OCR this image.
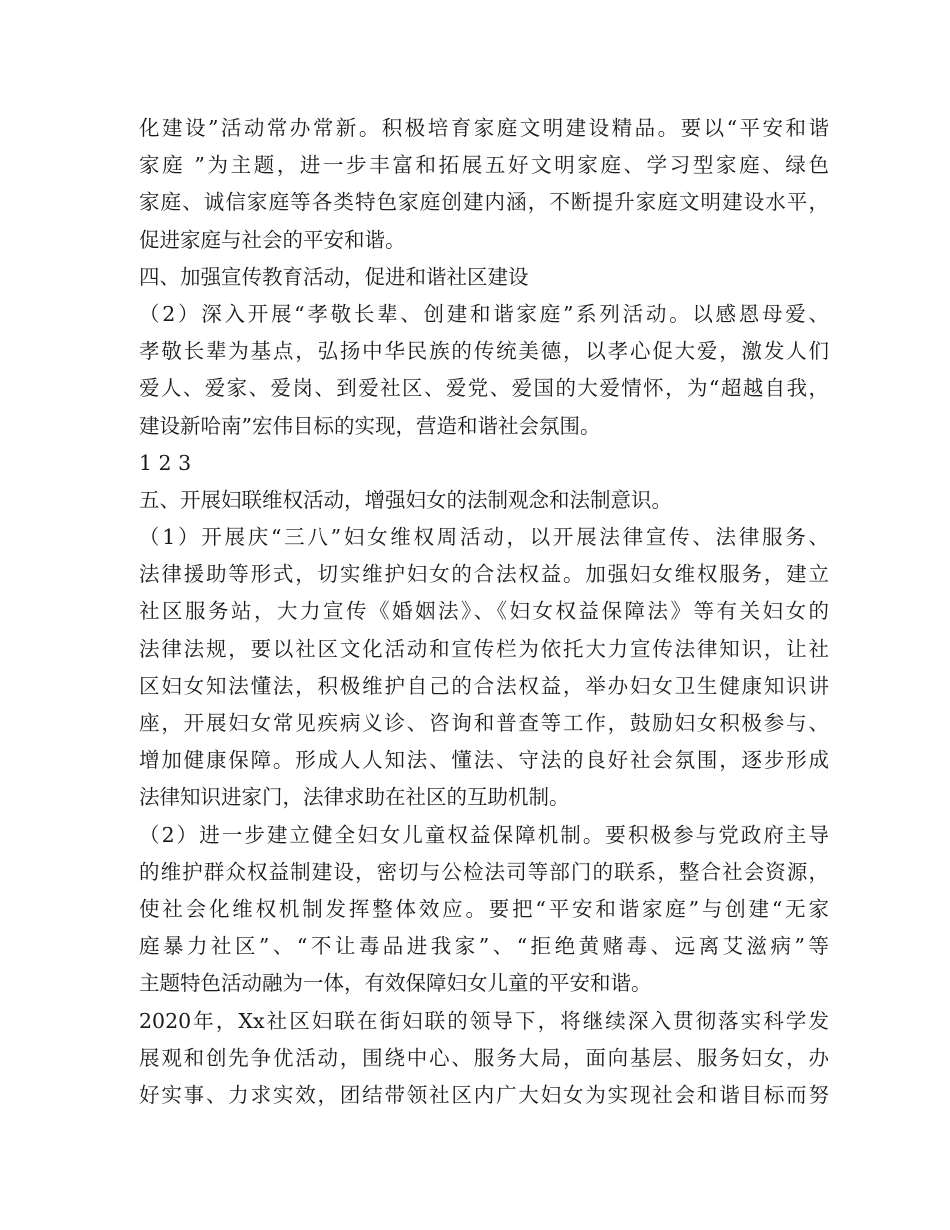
化建设”活动常办常新。积极培育家庭文明建设精品。要以“平安和谐
家庭 ”为主题，进一步丰富和拓展五好文明家庭、学习型家庭、绿色
家庭、诚信家庭等各类特色家庭创建内涵，不断提升家庭文明建设水平，
促进家庭与社会的平安和谐。
四、加强宣传教育活动，促进和谐社区建设
（2）深入开展“孝敬长辈、创建和谐家庭”系列活动。以感恩母爱、
孝敬长辈为基点，弘扬中华民族的传统美德，以孝心促大爱，激发人们
爱人、爱家、爱岗、到爱社区、爱党、爱国的大爱情怀，为“超越自我，
建设新哈南”宏伟目标的实现，营造和谐社会氛围。
1 2 3
五、开展妇联维权活动，增强妇女的法制观念和法制意识。
（1）开展庆“三八”妇女维权周活动，以开展法律宣传、法律服务、
法律援助等形式，切实维护妇女的合法权益。加强妇女维权服务，建立
社区服务站，大力宣传《婚姻法》、《妇女权益保障法》等有关妇女的
法律法规，要以社区文化活动和宣传栏为依托大力宣传法律知识，让社
区妇女知法懂法，积极维护自己的合法权益，举办妇女卫生健康知识讲
座，开展妇女常见疾病义诊、咨询和普查等工作，鼓励妇女积极参与、
增加健康保障。形成人人知法、懂法、守法的良好社会氛围，逐步形成
法律知识进家门，法律求助在社区的互助机制。
（2）进一步建立健全妇女儿童权益保障机制。要积极参与党政府主导
的维护群众权益制建设，密切与公检法司等部门的联系，整合社会资源，
使社会化维权机制发挥整体效应。要把“平安和谐家庭”与创建“无家
庭暴力社区”、“不让毒品进我家”、“拒绝黄赌毒、远离艾滋病”等
主题特色活动融为一体，有效保障妇女儿童的平安和谐。
2020年，Xx社区妇联在街妇联的领导下，将继续深入贯彻落实科学发
展观和创先争优活动，围绕中心、服务大局，面向基层、服务妇女，办
好实事、力求实效，团结带领社区内广大妇女为实现社会和谐目标而努
